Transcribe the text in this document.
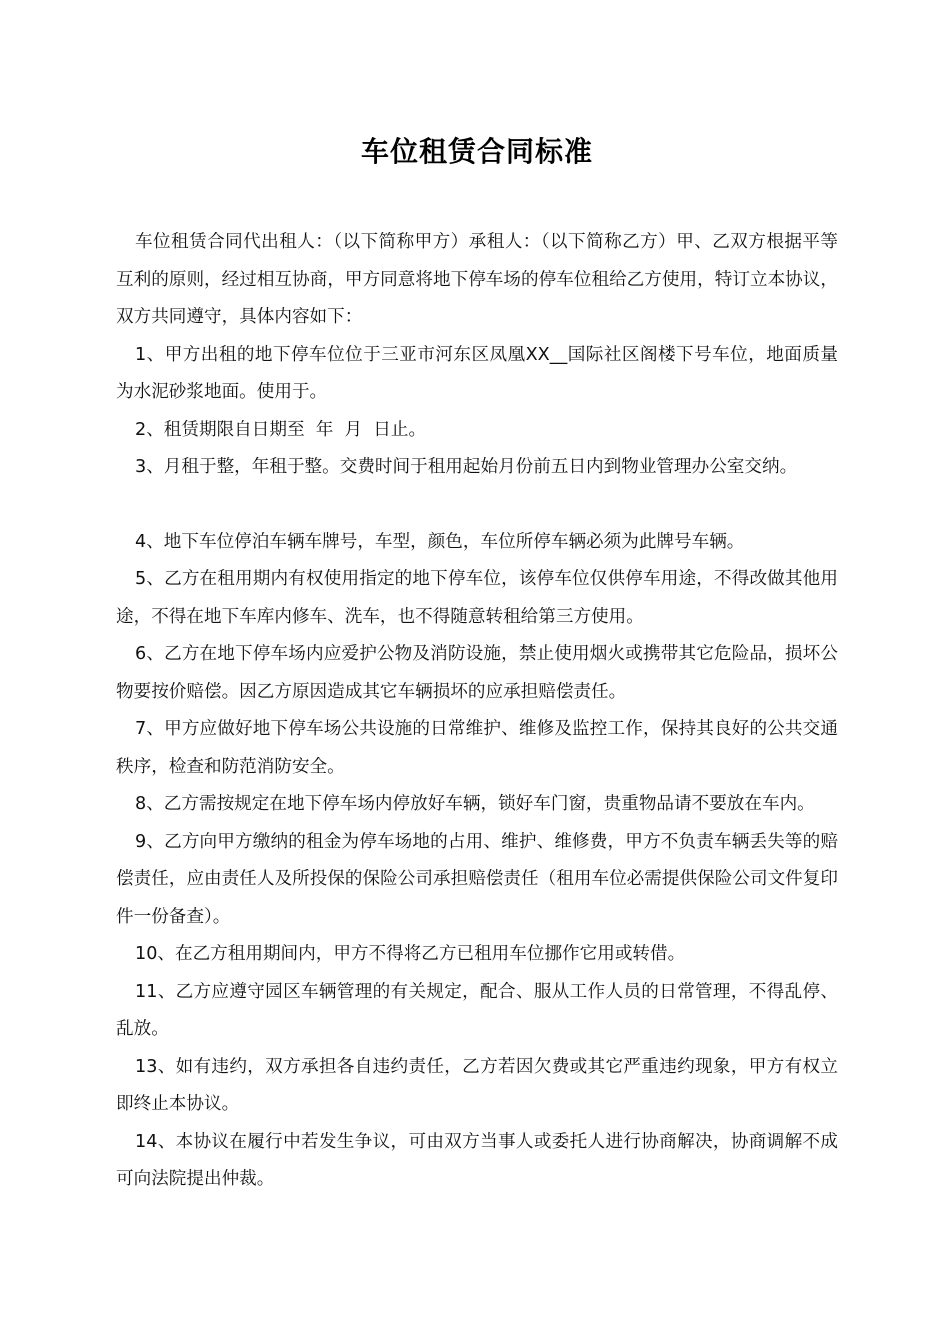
车位租赁合同标准

车位租赁合同代出租人：（以下简称甲方）承租人：（以下简称乙方）甲、乙双方根据平等互利的原则，经过相互协商，甲方同意将地下停车场的停车位租给乙方使用，特订立本协议，双方共同遵守，具体内容如下：

1、甲方出租的地下停车位位于三亚市河东区凤凰XX__国际社区阁楼下号车位，地面质量为水泥砂浆地面。使用于。

2、租赁期限自日期至  年  月  日止。

3、月租于整，年租于整。交费时间于租用起始月份前五日内到物业管理办公室交纳。

4、地下车位停泊车辆车牌号，车型，颜色，车位所停车辆必须为此牌号车辆。

5、乙方在租用期内有权使用指定的地下停车位，该停车位仅供停车用途，不得改做其他用途，不得在地下车库内修车、洗车，也不得随意转租给第三方使用。

6、乙方在地下停车场内应爱护公物及消防设施，禁止使用烟火或携带其它危险品，损坏公物要按价赔偿。因乙方原因造成其它车辆损坏的应承担赔偿责任。

7、甲方应做好地下停车场公共设施的日常维护、维修及监控工作，保持其良好的公共交通秩序，检查和防范消防安全。

8、乙方需按规定在地下停车场内停放好车辆，锁好车门窗，贵重物品请不要放在车内。

9、乙方向甲方缴纳的租金为停车场地的占用、维护、维修费，甲方不负责车辆丢失等的赔偿责任，应由责任人及所投保的保险公司承担赔偿责任（租用车位必需提供保险公司文件复印件一份备查）。

10、在乙方租用期间内，甲方不得将乙方已租用车位挪作它用或转借。

11、乙方应遵守园区车辆管理的有关规定，配合、服从工作人员的日常管理，不得乱停、乱放。

13、如有违约，双方承担各自违约责任，乙方若因欠费或其它严重违约现象，甲方有权立即终止本协议。

14、本协议在履行中若发生争议，可由双方当事人或委托人进行协商解决，协商调解不成可向法院提出仲裁。
